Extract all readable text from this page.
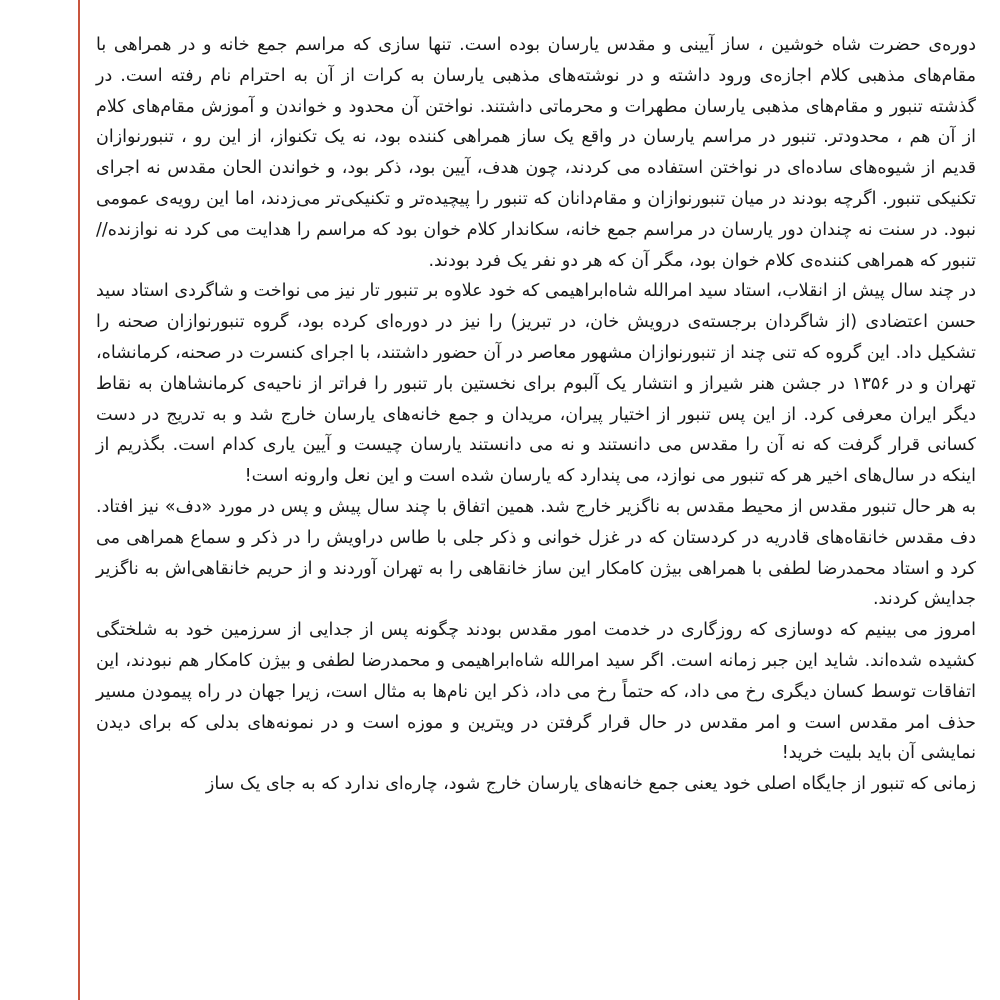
دوره‌ی حضرت شاه خوشین ، ساز آیینی و مقدس یارسان بوده است. تنها سازی که مراسم جمع خانه و در همراهی با مقام‌های مذهبی کلام اجازه‌ی ورود داشته و در نوشته‌های مذهبی یارسان به کرات از آن به احترام نام رفته است. در گذشته تنبور و مقام‌های مذهبی یارسان مطهرات و محرماتی داشتند. نواختن آن محدود و خواندن و آموزش مقام‌های کلام از آن هم ، محدودتر. تنبور در مراسم یارسان در واقع یک ساز همراهی کننده بود، نه یک تکنواز، از این رو ، تنبورنوازان قدیم از شیوه‌های ساده‌ای در نواختن استفاده می کردند، چون هدف، آیین بود، ذکر بود، و خواندن الحان مقدس نه اجرای تکنیکی تنبور. اگرچه بودند در میان تنبورنوازان و مقام‌دانان که تنبور را پیچیده‌تر و تکنیکی‌تر می‌زدند، اما این رویه‌ی عمومی نبود. در سنت نه چندان دور یارسان در مراسم جمع خانه، سکاندار کلام خوان بود که مراسم را هدایت می کرد نه نوازنده// تنبور که همراهی کننده‌ی کلام خوان بود، مگر آن که هر دو نفر یک فرد بودند.

در چند سال پیش از انقلاب، استاد سید امرالله شاه‌ابراهیمی که خود علاوه بر تنبور تار نیز می نواخت و شاگردی استاد سید حسن اعتضادی (از شاگردان برجسته‌ی درویش خان، در تبریز) را نیز در دوره‌ای کرده بود، گروه تنبورنوازان صحنه را تشکیل داد. این گروه که تنی چند از تنبورنوازان مشهور معاصر در آن حضور داشتند، با اجرای کنسرت در صحنه، کرمانشاه، تهران و در ۱۳۵۶ در جشن هنر شیراز و انتشار یک آلبوم برای نخستین بار تنبور را فراتر از ناحیه‌ی کرمانشاهان به نقاط دیگر ایران معرفی کرد. از این پس تنبور از اختیار پیران، مریدان و جمع خانه‌های یارسان خارج شد و به تدریج در دست کسانی قرار گرفت که نه آن را مقدس می دانستند و نه می دانستند یارسان چیست و آیین یاری کدام است. بگذریم از اینکه در سال‌های اخیر هر که تنبور می نوازد، می پندارد که یارسان شده است و این نعل وارونه است!

به هر حال تنبور مقدس از محیط مقدس به ناگزیر خارج شد. همین اتفاق با چند سال پیش و پس در مورد «دف» نیز افتاد. دف مقدس خانقاه‌های قادریه در کردستان که در غزل خوانی و ذکر جلی با طاس دراویش را در ذکر و سماع همراهی می کرد و استاد محمدرضا لطفی با همراهی بیژن کامکار این ساز خانقاهی را به تهران آوردند و از حریم خانقاهی‌اش به ناگزیر جدایش کردند.

امروز می بینیم که دوسازی که روزگاری در خدمت امور مقدس بودند چگونه پس از جدایی از سرزمین خود به شلختگی کشیده شده‌اند. شاید این جبر زمانه است. اگر سید امرالله شاه‌ابراهیمی و محمدرضا لطفی و بیژن کامکار هم نبودند، این اتفاقات توسط کسان دیگری رخ می داد، که حتماً رخ می داد، ذکر این نام‌ها به مثال است، زیرا جهان در راه پیمودن مسیر حذف امر مقدس است و امر مقدس در حال قرار گرفتن در ویترین و موزه است و در نمونه‌های بدلی که برای دیدن نمایشی آن باید بلیت خرید!

زمانی که تنبور از جایگاه اصلی خود یعنی جمع خانه‌های یارسان خارج شود، چاره‌ای ندارد که به جای یک ساز
